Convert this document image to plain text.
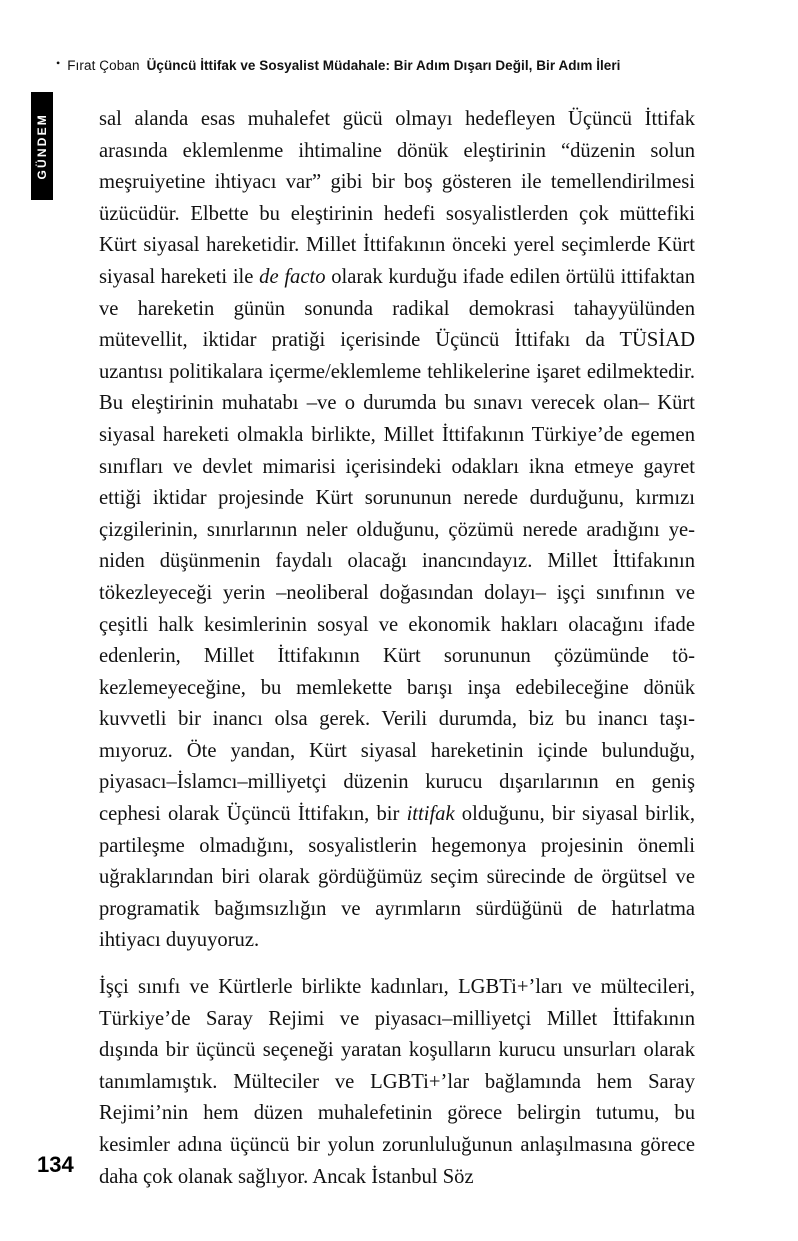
• Fırat Çoban Üçüncü İttifak ve Sosyalist Müdahale: Bir Adım Dışarı Değil, Bir Adım İleri
GÜNDEM sal alanda esas muhalefet gücü olmayı hedefleyen Üçüncü İttifak arasında eklemlenme ihtimaline dönük eleştirinin “düzenin solun meşruiyetine ihtiyacı var” gibi bir boş gösteren ile temellendirilmesi üzücüdür. Elbette bu eleştirinin hedefi sosyalistlerden çok müttefiki Kürt siyasal hareketidir. Millet İttifakının önceki yerel seçimlerde Kürt siyasal hareketi ile de facto olarak kurduğu ifade edilen örtülü ittifaktan ve hareketin günün sonunda radikal demokrasi tahayyülünden mütevellit, iktidar pratiği içerisinde Üçüncü İttifakı da TÜSİAD uzantısı politikalara içerme/eklemleme tehlikelerine işaret edilmektedir. Bu eleştirinin muhatabı –ve o durumda bu sınavı verecek olan– Kürt siyasal hareketi olmakla birlikte, Millet İttifakının Türkiye’de egemen sınıfları ve devlet mimarisi içerisindeki odakları ikna etmeye gayret ettiği iktidar projesinde Kürt sorununun nerede durduğunu, kırmızı çizgilerinin, sınırlarının neler olduğunu, çözümü nerede aradığını yeniden düşünmenin faydalı olacağı inancındayız. Millet İttifakının tökezleyeceği yerin –neoliberal doğasından dolayı– işçi sınıfının ve çeşitli halk kesimlerinin sosyal ve ekonomik hakları olacağını ifade edenlerin, Millet İttifakının Kürt sorununun çözümünde tökezlemeyeceğine, bu memlekette barışı inşa edebileceğine dönük kuvvetli bir inancı olsa gerek. Verili durumda, biz bu inancı taşımıyoruz. Öte yandan, Kürt siyasal hareketinin içinde bulunduğu, piyasacı–İslamcı–milliyetçi düzenin kurucu dışarılarının en geniş cephesi olarak Üçüncü İttifakın, bir ittifak olduğunu, bir siyasal birlik, partileşme olmadığını, sosyalistlerin hegemonya projesinin önemli uğraklarından biri olarak gördüğümüz seçim sürecinde de örgütsel ve programatik bağımsızlığın ve ayrımların sürdüğünü de hatırlatma ihtiyacı duyuyoruz.

İşçi sınıfı ve Kürtlerle birlikte kadınları, LGBTi+’ları ve mültecileri, Türkiye’de Saray Rejimi ve piyasacı–milliyetçi Millet İttifakının dışında bir üçüncü seçeneği yaratan koşulların kurucu unsurları olarak tanımlamıştık. Mülteciler ve LGBTi+’lar bağlamında hem Saray Rejimi’nin hem düzen muhalefetinin görece belirgin tutumu, bu kesimler adına üçüncü bir yolun zorunluluğunun anlaşılmasına görece daha çok olanak sağlıyor. Ancak İstanbul Söz

134
